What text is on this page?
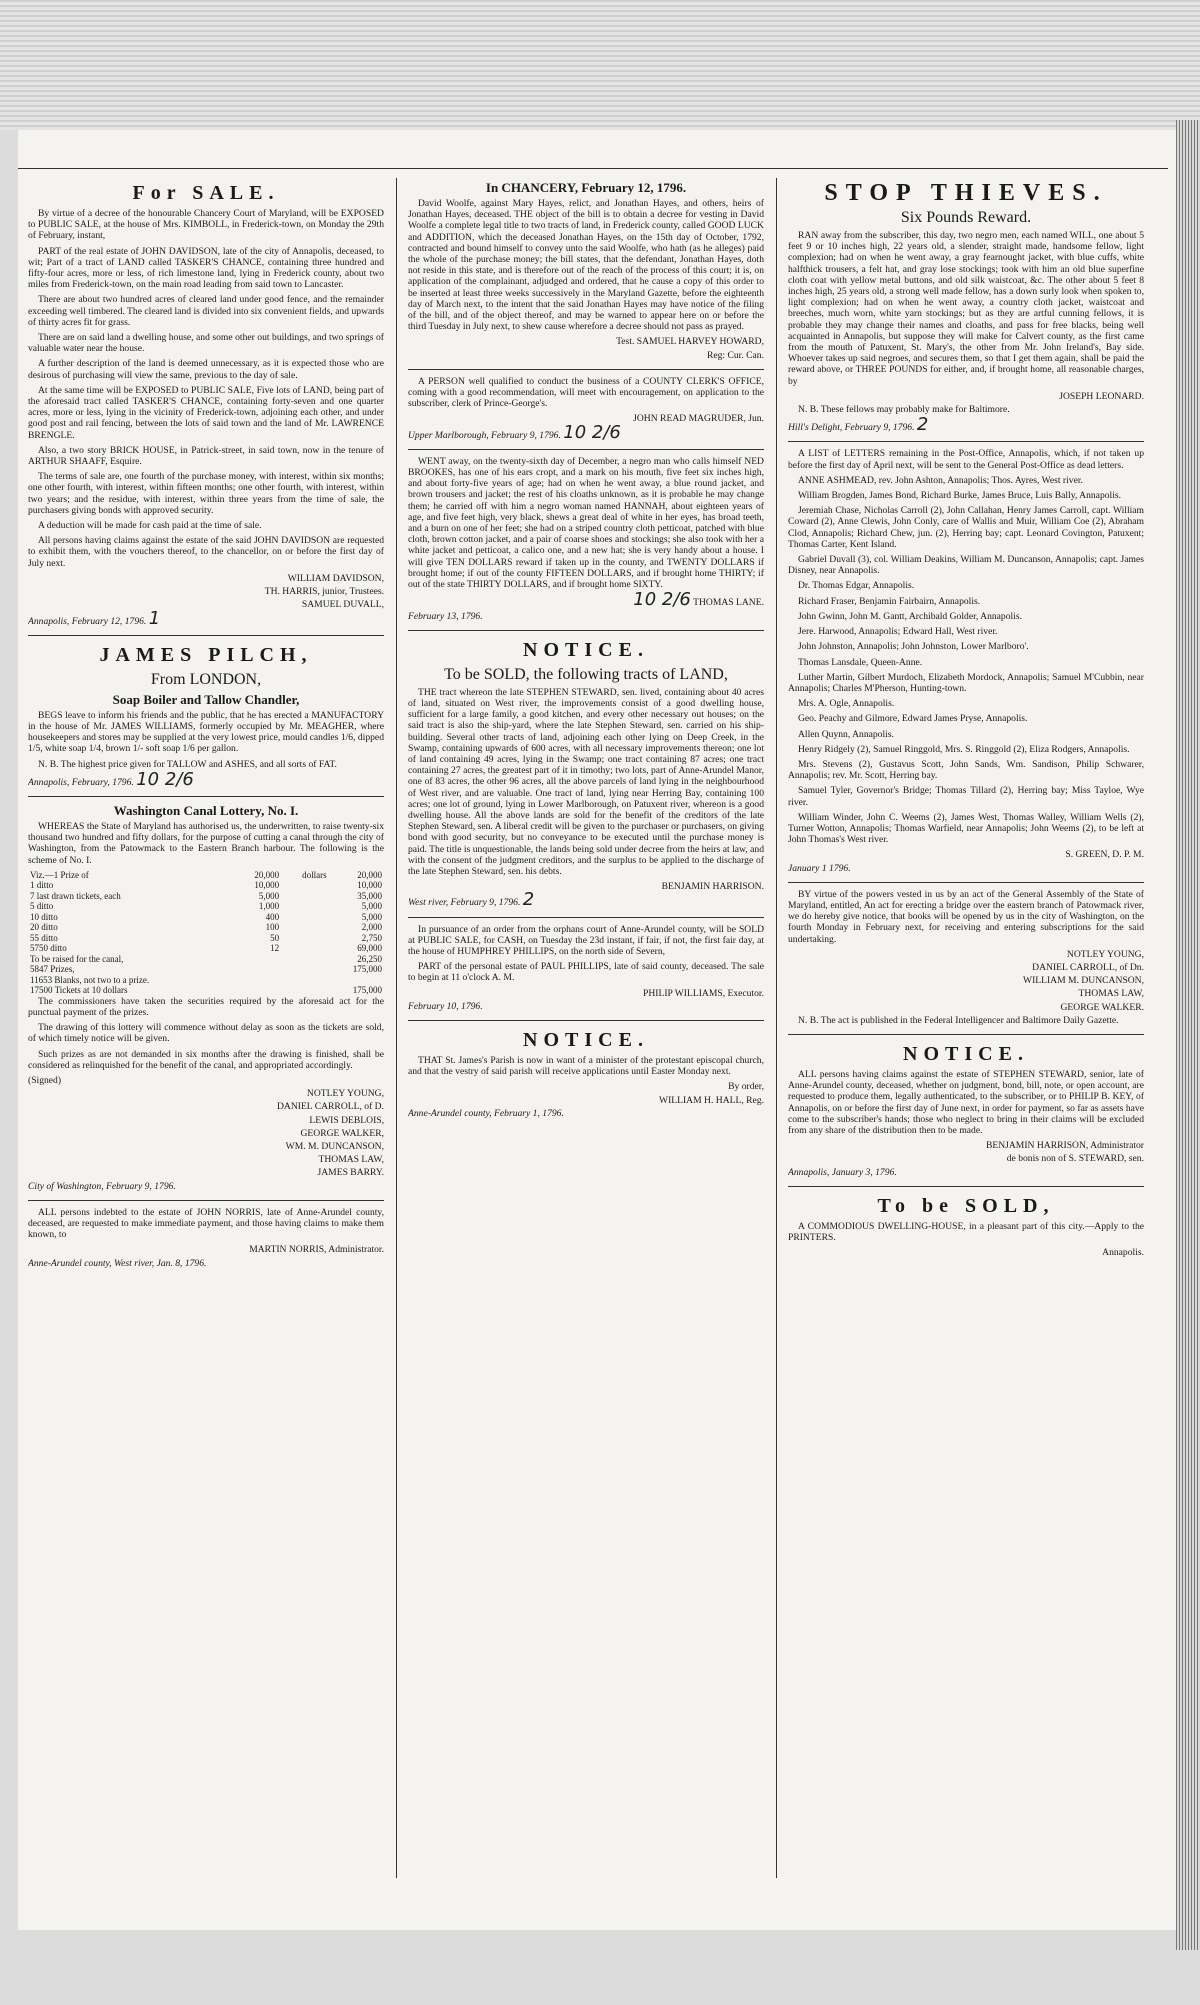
For SALE.

By virtue of a decree of the honourable Chancery Court of Maryland, will be EXPOSED to PUBLIC SALE, at the house of Mrs. KIMBOLL, in Frederick-town, on Monday the 29th of February, instant,

PART of the real estate of JOHN DAVIDSON, late of the city of Annapolis, deceased, to wit; Part of a tract of LAND called TASKER'S CHANCE, containing three hundred and fifty-four acres, more or less, of rich limestone land, lying in Frederick county, about two miles from Frederick-town, on the main road leading from said town to Lancaster.

There are about two hundred acres of cleared land under good fence, and the remainder exceeding well timbered. The cleared land is divided into six convenient fields, and upwards of thirty acres fit for grass.

There are on said land a dwelling house, and some other out buildings, and two springs of valuable water near the house.

A further description of the land is deemed unnecessary, as it is expected those who are desirous of purchasing will view the same, previous to the day of sale.

At the same time will be EXPOSED to PUBLIC SALE, Five lots of LAND, being part of the aforesaid tract called TASKER'S CHANCE, containing forty-seven and one quarter acres, more or less, lying in the vicinity of Frederick-town, adjoining each other, and under good post and rail fencing, between the lots of said town and the land of Mr. LAWRENCE BRENGLE.

Also, a two story BRICK HOUSE, in Patrick-street, in said town, now in the tenure of ARTHUR SHAAFF, Esquire.

The terms of sale are, one fourth of the purchase money, with interest, within six months; one other fourth, with interest, within fifteen months; one other fourth, with interest, within two years; and the residue, with interest, within three years from the time of sale, the purchasers giving bonds with approved security.

A deduction will be made for cash paid at the time of sale.

All persons having claims against the estate of the said JOHN DAVIDSON are requested to exhibit them, with the vouchers thereof, to the chancellor, on or before the first day of July next.

WILLIAM DAVIDSON,
TH. HARRIS, junior, Trustees.
SAMUEL DUVALL,
Annapolis, February 12, 1796. 1
JAMES PILCH,
From LONDON,
Soap Boiler and Tallow Chandler,

BEGS leave to inform his friends and the public, that he has erected a MANUFACTORY in the house of Mr. JAMES WILLIAMS, formerly occupied by Mr. MEAGHER, where housekeepers and stores may be supplied at the very lowest price, mould candles 1/6, dipped 1/5, white soap 1/4, brown 1/- soft soap 1/6 per gallon.

N. B. The highest price given for TALLOW and ASHES, and all sorts of FAT.

Annapolis, February, 1796. 10 2/6
Washington Canal Lottery, No. I.

WHEREAS the State of Maryland has authorised us, the underwritten, to raise twenty-six thousand two hundred and fifty dollars, for the purpose of cutting a canal through the city of Washington, from the Patowmack to the Eastern Branch harbour. The following is the scheme of No. I.

Viz.—1 Prize of	20,000	dollars	20,000
1 ditto	10,000		10,000
7 last drawn tickets, each	5,000		35,000
5 ditto	1,000		5,000
10 ditto	400		5,000
20 ditto	100		2,000
55 ditto	50		2,750
5750 ditto	12		69,000
To be raised for the canal,			26,250
5847 Prizes,			175,000
11653 Blanks, not two to a prize.			
17500 Tickets at 10 dollars			175,000

The commissioners have taken the securities required by the aforesaid act for the punctual payment of the prizes.

The drawing of this lottery will commence without delay as soon as the tickets are sold, of which timely notice will be given.

Such prizes as are not demanded in six months after the drawing is finished, shall be considered as relinquished for the benefit of the canal, and appropriated accordingly.

(Signed)
NOTLEY YOUNG,
DANIEL CARROLL, of D.
LEWIS DEBLOIS,
GEORGE WALKER,
WM. M. DUNCANSON,
THOMAS LAW,
JAMES BARRY.
City of Washington, February 9, 1796.

ALL persons indebted to the estate of JOHN NORRIS, late of Anne-Arundel county, deceased, are requested to make immediate payment, and those having claims to make them known, to

MARTIN NORRIS, Administrator.
Anne-Arundel county, West river, Jan. 8, 1796.
In CHANCERY, February 12, 1796.

David Woolfe, against Mary Hayes, relict, and Jonathan Hayes, and others, heirs of Jonathan Hayes, deceased. THE object of the bill is to obtain a decree for vesting in David Woolfe a complete legal title to two tracts of land, in Frederick county, called GOOD LUCK and ADDITION, which the deceased Jonathan Hayes, on the 15th day of October, 1792, contracted and bound himself to convey unto the said Woolfe, who hath (as he alleges) paid the whole of the purchase money; the bill states, that the defendant, Jonathan Hayes, doth not reside in this state, and is therefore out of the reach of the process of this court; it is, on application of the complainant, adjudged and ordered, that he cause a copy of this order to be inserted at least three weeks successively in the Maryland Gazette, before the eighteenth day of March next, to the intent that the said Jonathan Hayes may have notice of the filing of the bill, and of the object thereof, and may be warned to appear here on or before the third Tuesday in July next, to shew cause wherefore a decree should not pass as prayed.

Test. SAMUEL HARVEY HOWARD,
Reg: Cur. Can.

A PERSON well qualified to conduct the business of a COUNTY CLERK'S OFFICE, coming with a good recommendation, will meet with encouragement, on application to the subscriber, clerk of Prince-George's.

JOHN READ MAGRUDER, Jun.
Upper Marlborough, February 9, 1796. 10 2/6

WENT away, on the twenty-sixth day of December, a negro man who calls himself NED BROOKES, has one of his ears cropt, and a mark on his mouth, five feet six inches high, and about forty-five years of age; had on when he went away, a blue round jacket, and brown trousers and jacket; the rest of his cloaths unknown, as it is probable he may change them; he carried off with him a negro woman named HANNAH, about eighteen years of age, and five feet high, very black, shews a great deal of white in her eyes, has broad teeth, and a burn on one of her feet; she had on a striped country cloth petticoat, patched with blue cloth, brown cotton jacket, and a pair of coarse shoes and stockings; she also took with her a white jacket and petticoat, a calico one, and a new hat; she is very handy about a house. I will give TEN DOLLARS reward if taken up in the county, and TWENTY DOLLARS if brought home; if out of the county FIFTEEN DOLLARS, and if brought home THIRTY; if out of the state THIRTY DOLLARS, and if brought home SIXTY.

10 2/6 THOMAS LANE.
February 13, 1796.
NOTICE.
To be SOLD, the following tracts of LAND,

THE tract whereon the late STEPHEN STEWARD, sen. lived, containing about 40 acres of land, situated on West river, the improvements consist of a good dwelling house, sufficient for a large family, a good kitchen, and every other necessary out houses; on the said tract is also the ship-yard, where the late Stephen Steward, sen. carried on his ship-building. Several other tracts of land, adjoining each other lying on Deep Creek, in the Swamp, containing upwards of 600 acres, with all necessary improvements thereon; one lot of land containing 49 acres, lying in the Swamp; one tract containing 87 acres; one tract containing 27 acres, the greatest part of it in timothy; two lots, part of Anne-Arundel Manor, one of 83 acres, the other 96 acres, all the above parcels of land lying in the neighbourhood of West river, and are valuable. One tract of land, lying near Herring Bay, containing 100 acres; one lot of ground, lying in Lower Marlborough, on Patuxent river, whereon is a good dwelling house. All the above lands are sold for the benefit of the creditors of the late Stephen Steward, sen. A liberal credit will be given to the purchaser or purchasers, on giving bond with good security, but no conveyance to be executed until the purchase money is paid. The title is unquestionable, the lands being sold under decree from the heirs at law, and with the consent of the judgment creditors, and the surplus to be applied to the discharge of the late Stephen Steward, sen. his debts.

BENJAMIN HARRISON.
West river, February 9, 1796. 2

In pursuance of an order from the orphans court of Anne-Arundel county, will be SOLD at PUBLIC SALE, for CASH, on Tuesday the 23d instant, if fair, if not, the first fair day, at the house of HUMPHREY PHILLIPS, on the north side of Severn,

PART of the personal estate of PAUL PHILLIPS, late of said county, deceased. The sale to begin at 11 o'clock A. M.

PHILIP WILLIAMS, Executor.
February 10, 1796.
NOTICE.

THAT St. James's Parish is now in want of a minister of the protestant episcopal church, and that the vestry of said parish will receive applications until Easter Monday next.

By order,
WILLIAM H. HALL, Reg.
Anne-Arundel county, February 1, 1796.
STOP THIEVES.
Six Pounds Reward.

RAN away from the subscriber, this day, two negro men, each named WILL, one about 5 feet 9 or 10 inches high, 22 years old, a slender, straight made, handsome fellow, light complexion; had on when he went away, a gray fearnought jacket, with blue cuffs, white halfthick trousers, a felt hat, and gray lose stockings; took with him an old blue superfine cloth coat with yellow metal buttons, and old silk waistcoat, &c. The other about 5 feet 8 inches high, 25 years old, a strong well made fellow, has a down surly look when spoken to, light complexion; had on when he went away, a country cloth jacket, waistcoat and breeches, much worn, white yarn stockings; but as they are artful cunning fellows, it is probable they may change their names and cloaths, and pass for free blacks, being well acquainted in Annapolis, but suppose they will make for Calvert county, as the first came from the mouth of Patuxent, St. Mary's, the other from Mr. John Ireland's, Bay side. Whoever takes up said negroes, and secures them, so that I get them again, shall be paid the reward above, or THREE POUNDS for either, and, if brought home, all reasonable charges, by

JOSEPH LEONARD.

N. B. These fellows may probably make for Baltimore.

Hill's Delight, February 9, 1796. 2

A LIST of LETTERS remaining in the Post-Office, Annapolis, which, if not taken up before the first day of April next, will be sent to the General Post-Office as dead letters.

ANNE ASHMEAD, rev. John Ashton, Annapolis; Thos. Ayres, West river.

William Brogden, James Bond, Richard Burke, James Bruce, Luis Bally, Annapolis.

Jeremiah Chase, Nicholas Carroll (2), John Callahan, Henry James Carroll, capt. William Coward (2), Anne Clewis, John Conly, care of Wallis and Muir, William Coe (2), Abraham Clod, Annapolis; Richard Chew, jun. (2), Herring bay; capt. Leonard Covington, Patuxent; Thomas Carter, Kent Island.

Gabriel Duvall (3), col. William Deakins, William M. Duncanson, Annapolis; capt. James Disney, near Annapolis.

Dr. Thomas Edgar, Annapolis.

Richard Fraser, Benjamin Fairbairn, Annapolis.

John Gwinn, John M. Gantt, Archibald Golder, Annapolis.

Jere. Harwood, Annapolis; Edward Hall, West river.

John Johnston, Annapolis; John Johnston, Lower Marlboro'.

Thomas Lansdale, Queen-Anne.

Luther Martin, Gilbert Murdoch, Elizabeth Mordock, Annapolis; Samuel M'Cubbin, near Annapolis; Charles M'Pherson, Hunting-town.

Mrs. A. Ogle, Annapolis.

Geo. Peachy and Gilmore, Edward James Pryse, Annapolis.

Allen Quynn, Annapolis.

Henry Ridgely (2), Samuel Ringgold, Mrs. S. Ringgold (2), Eliza Rodgers, Annapolis.

Mrs. Stevens (2), Gustavus Scott, John Sands, Wm. Sandison, Philip Schwarer, Annapolis; rev. Mr. Scott, Herring bay.

Samuel Tyler, Governor's Bridge; Thomas Tillard (2), Herring bay; Miss Tayloe, Wye river.

William Winder, John C. Weems (2), James West, Thomas Walley, William Wells (2), Turner Wotton, Annapolis; Thomas Warfield, near Annapolis; John Weems (2), to be left at John Thomas's West river.

S. GREEN, D. P. M.
January 1 1796.

BY virtue of the powers vested in us by an act of the General Assembly of the State of Maryland, entitled, An act for erecting a bridge over the eastern branch of Patowmack river, we do hereby give notice, that books will be opened by us in the city of Washington, on the fourth Monday in February next, for receiving and entering subscriptions for the said undertaking.

NOTLEY YOUNG,
DANIEL CARROLL, of Dn.
WILLIAM M. DUNCANSON,
THOMAS LAW,
GEORGE WALKER.

N. B. The act is published in the Federal Intelligencer and Baltimore Daily Gazette.

NOTICE.

ALL persons having claims against the estate of STEPHEN STEWARD, senior, late of Anne-Arundel county, deceased, whether on judgment, bond, bill, note, or open account, are requested to produce them, legally authenticated, to the subscriber, or to PHILIP B. KEY, of Annapolis, on or before the first day of June next, in order for payment, so far as assets have come to the subscriber's hands; those who neglect to bring in their claims will be excluded from any share of the distribution then to be made.

BENJAMIN HARRISON, Administrator
de bonis non of S. STEWARD, sen.
Annapolis, January 3, 1796.
To be SOLD,

A COMMODIOUS DWELLING-HOUSE, in a pleasant part of this city.—Apply to the PRINTERS.

Annapolis.
